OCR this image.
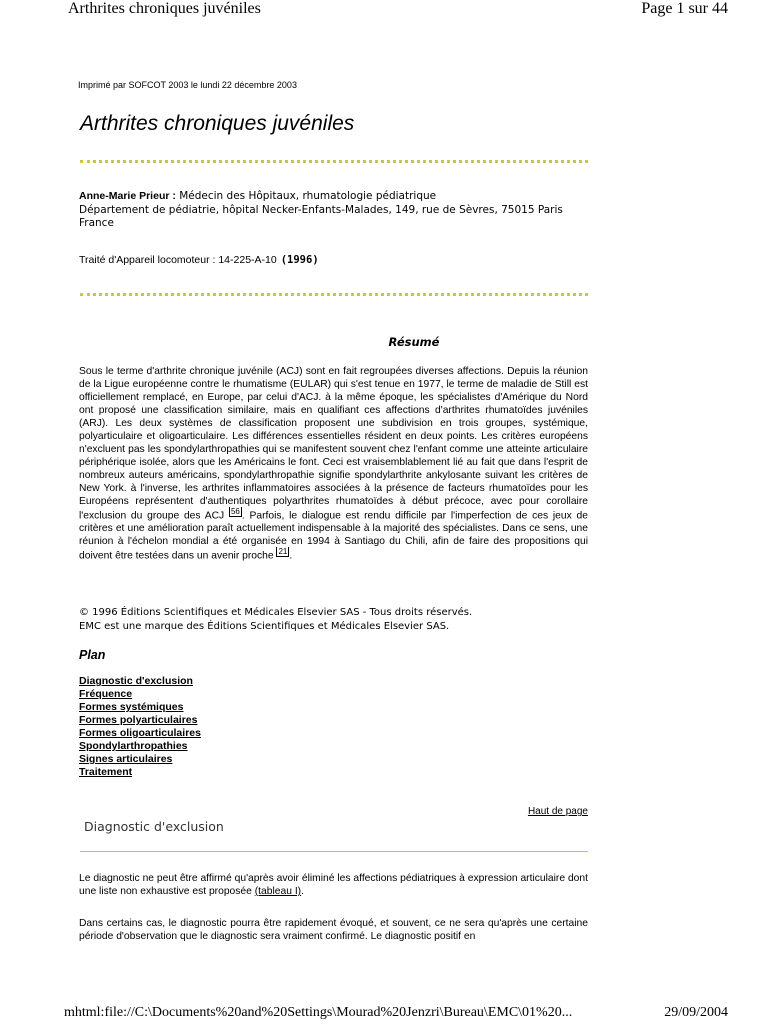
Arthrites chroniques juvéniles	Page 1 sur 44
Imprimé par SOFCOT 2003 le lundi 22 décembre 2003
Arthrites chroniques juvéniles
Anne-Marie Prieur : Médecin des Hôpitaux, rhumatologie pédiatrique
Département de pédiatrie, hôpital Necker-Enfants-Malades, 149, rue de Sèvres, 75015 Paris
France
Traité d'Appareil locomoteur : 14-225-A-10 (1996)
Résumé
Sous le terme d'arthrite chronique juvénile (ACJ) sont en fait regroupées diverses affections. Depuis la réunion de la Ligue européenne contre le rhumatisme (EULAR) qui s'est tenue en 1977, le terme de maladie de Still est officiellement remplacé, en Europe, par celui d'ACJ. à la même époque, les spécialistes d'Amérique du Nord ont proposé une classification similaire, mais en qualifiant ces affections d'arthrites rhumatoïdes juvéniles (ARJ). Les deux systèmes de classification proposent une subdivision en trois groupes, systémique, polyarticulaire et oligoarticulaire. Les différences essentielles résident en deux points. Les critères européens n'excluent pas les spondylarthropathies qui se manifestent souvent chez l'enfant comme une atteinte articulaire périphérique isolée, alors que les Américains le font. Ceci est vraisemblablement lié au fait que dans l'esprit de nombreux auteurs américains, spondylarthropathie signifie spondylarthrite ankylosante suivant les critères de New York. à l'inverse, les arthrites inflammatoires associées à la présence de facteurs rhumatoïdes pour les Européens représentent d'authentiques polyarthrites rhumatoïdes à début précoce, avec pour corollaire l'exclusion du groupe des ACJ $^{56}$ . Parfois, le dialogue est rendu difficile par l'imperfection de ces jeux de critères et une amélioration paraît actuellement indispensable à la majorité des spécialistes. Dans ce sens, une réunion à l'échelon mondial a été organisée en 1994 à Santiago du Chili, afin de faire des propositions qui doivent être testées dans un avenir proche $^{21}$ .
© 1996 Éditions Scientifiques et Médicales Elsevier SAS - Tous droits réservés.
EMC est une marque des Éditions Scientifiques et Médicales Elsevier SAS.
Plan
Diagnostic d'exclusion
Fréquence
Formes systémiques
Formes polyarticulaires
Formes oligoarticulaires
Spondylarthropathies
Signes articulaires
Traitement
Haut de page
Diagnostic d'exclusion
Le diagnostic ne peut être affirmé qu'après avoir éliminé les affections pédiatriques à expression articulaire dont une liste non exhaustive est proposée (tableau I).
Dans certains cas, le diagnostic pourra être rapidement évoqué, et souvent, ce ne sera qu'après une certaine période d'observation que le diagnostic sera vraiment confirmé. Le diagnostic positif en
mhtml:file://C:\Documents%20and%20Settings\Mourad%20Jenzri\Bureau\EMC\01%20...	29/09/2004
